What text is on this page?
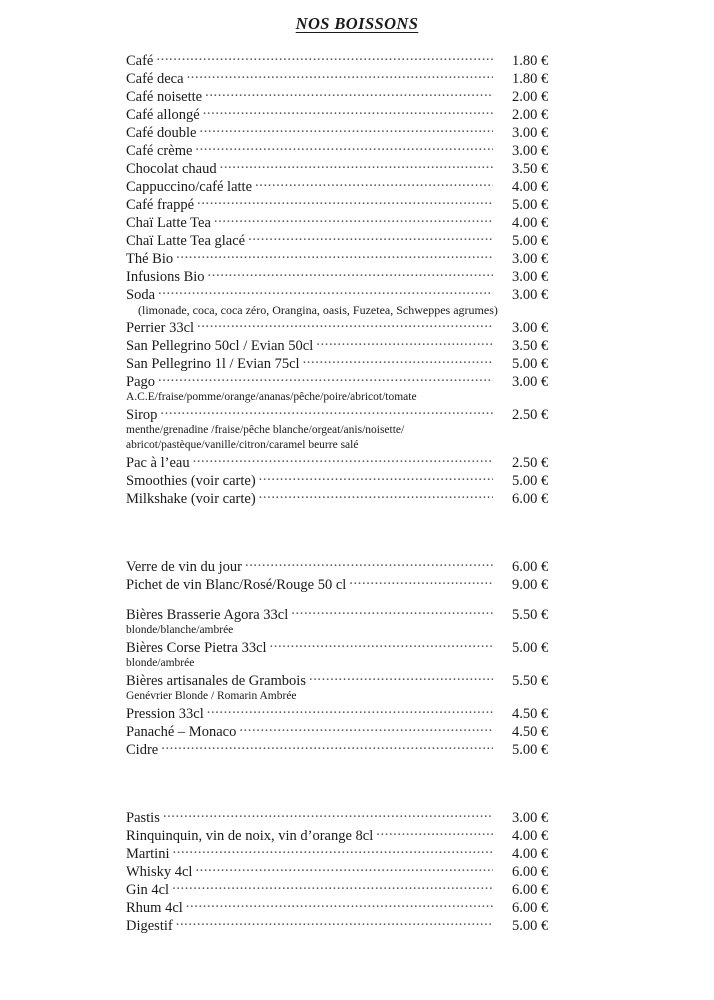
NOS BOISSONS
Café .....	1.80 €
Café deca .....	1.80 €
Café noisette .....	2.00 €
Café allongé .....	2.00 €
Café double .....	3.00 €
Café crème .....	3.00 €
Chocolat chaud .....	3.50 €
Cappuccino/café latte .....	4.00 €
Café frappé .....	5.00 €
Chaï Latte Tea .....	4.00 €
Chaï Latte Tea glacé .....	5.00 €
Thé Bio .....	3.00 €
Infusions Bio .....	3.00 €
Soda .....	3.00 €
(limonade, coca, coca zéro, Orangina, oasis, Fuzetea, Schweppes agrumes)
Perrier 33cl .....	3.00 €
San Pellegrino 50cl / Evian 50cl .....	3.50 €
San Pellegrino 1l / Evian 75cl .....	5.00 €
Pago .....	3.00 €
A.C.E/fraise/pomme/orange/ananas/pêche/poire/abricot/tomate
Sirop .....	2.50 €
menthe/grenadine /fraise/pêche blanche/orgeat/anis/noisette/
abricot/pastèque/vanille/citron/caramel beurre salé
Pac à l’eau .....	2.50 €
Smoothies (voir carte) .....	5.00 €
Milkshake (voir carte) .....	6.00 €
Verre de vin du jour .....	6.00 €
Pichet de vin Blanc/Rosé/Rouge 50 cl .....	9.00 €
Bières Brasserie Agora 33cl .....	5.50 €
blonde/blanche/ambrée
Bières Corse Pietra 33cl .....	5.00 €
blonde/ambrée
Bières artisanales de Grambois .....	5.50 €
Genévrier Blonde / Romarin Ambrée
Pression 33cl .....	4.50 €
Panaché – Monaco .....	4.50 €
Cidre .....	5.00 €
Pastis .....	3.00 €
Rinquinquin, vin de noix, vin d’orange 8cl .....	4.00 €
Martini .....	4.00 €
Whisky 4cl .....	6.00 €
Gin 4cl .....	6.00 €
Rhum 4cl .....	6.00 €
Digestif .....	5.00 €
